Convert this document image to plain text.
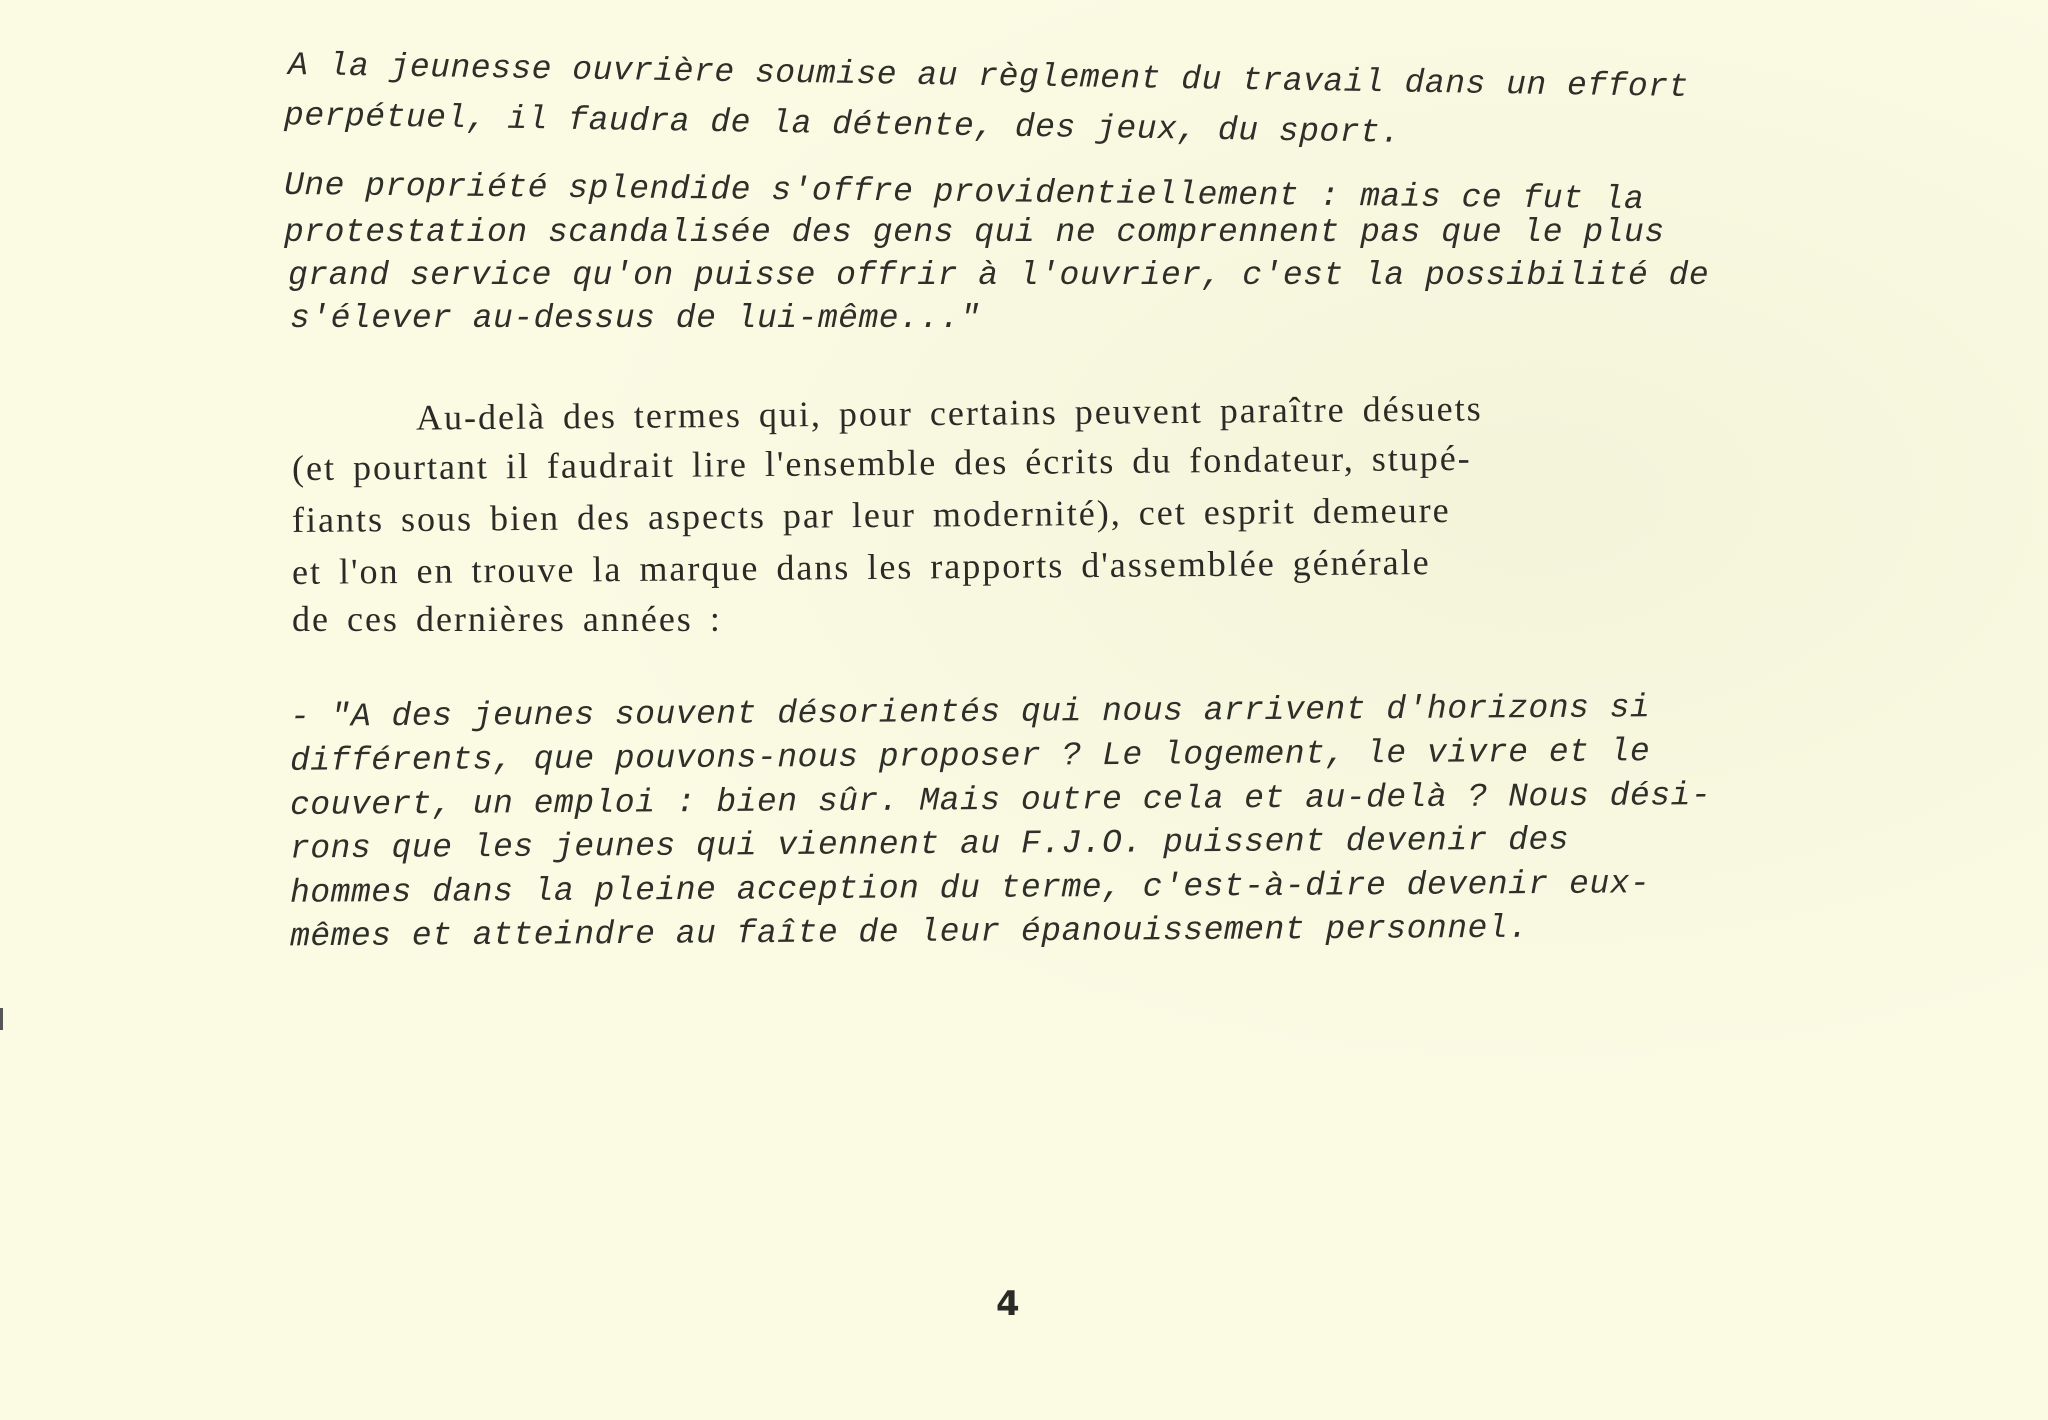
A la jeunesse ouvrière soumise au règlement du travail dans un effort
perpétuel, il faudra de la détente, des jeux, du sport.
Une propriété splendide s'offre providentiellement : mais ce fut la
protestation scandalisée des gens qui ne comprennent pas que le plus
grand service qu'on puisse offrir à l'ouvrier, c'est la possibilité de
s'élever au-dessus de lui-même..."
Au-delà des termes qui, pour certains peuvent paraître désuets
(et pourtant il faudrait lire l'ensemble des écrits du fondateur, stupé-
fiants sous bien des aspects par leur modernité), cet esprit demeure
et l'on en trouve la marque dans les rapports d'assemblée générale
de ces dernières années :
- "A des jeunes souvent désorientés qui nous arrivent d'horizons si
différents, que pouvons-nous proposer ? Le logement, le vivre et le
couvert, un emploi : bien sûr. Mais outre cela et au-delà ? Nous dési-
rons que les jeunes qui viennent au F.J.O. puissent devenir des
hommes dans la pleine acception du terme, c'est-à-dire devenir eux-
mêmes et atteindre au faîte de leur épanouissement personnel.
4
